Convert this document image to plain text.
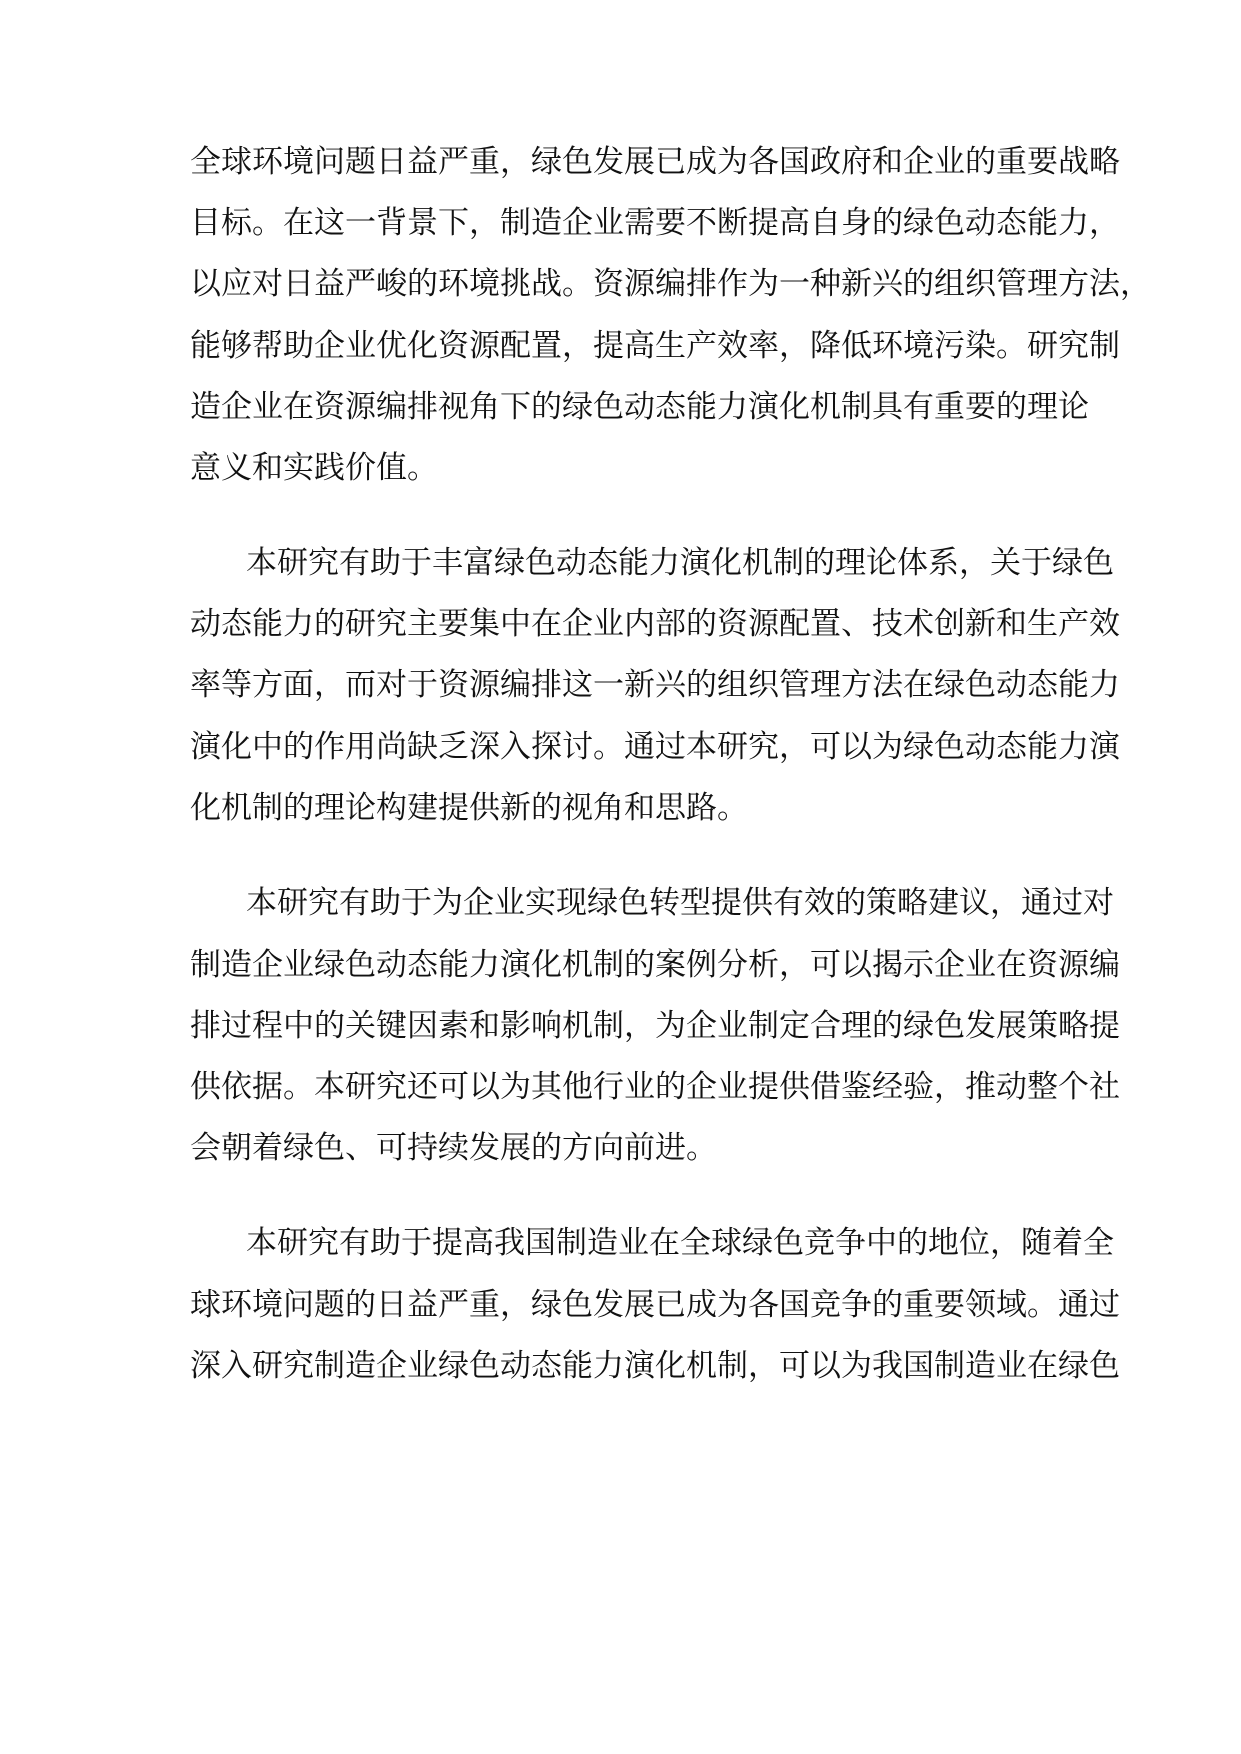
全球环境问题日益严重，绿色发展已成为各国政府和企业的重要战略
目标。在这一背景下，制造企业需要不断提高自身的绿色动态能力，
以应对日益严峻的环境挑战。资源编排作为一种新兴的组织管理方法，
能够帮助企业优化资源配置，提高生产效率，降低环境污染。研究制
造企业在资源编排视角下的绿色动态能力演化机制具有重要的理论
意义和实践价值。
本研究有助于丰富绿色动态能力演化机制的理论体系，关于绿色
动态能力的研究主要集中在企业内部的资源配置、技术创新和生产效
率等方面，而对于资源编排这一新兴的组织管理方法在绿色动态能力
演化中的作用尚缺乏深入探讨。通过本研究，可以为绿色动态能力演
化机制的理论构建提供新的视角和思路。
本研究有助于为企业实现绿色转型提供有效的策略建议，通过对
制造企业绿色动态能力演化机制的案例分析，可以揭示企业在资源编
排过程中的关键因素和影响机制，为企业制定合理的绿色发展策略提
供依据。本研究还可以为其他行业的企业提供借鉴经验，推动整个社
会朝着绿色、可持续发展的方向前进。
本研究有助于提高我国制造业在全球绿色竞争中的地位，随着全
球环境问题的日益严重，绿色发展已成为各国竞争的重要领域。通过
深入研究制造企业绿色动态能力演化机制，可以为我国制造业在绿色
